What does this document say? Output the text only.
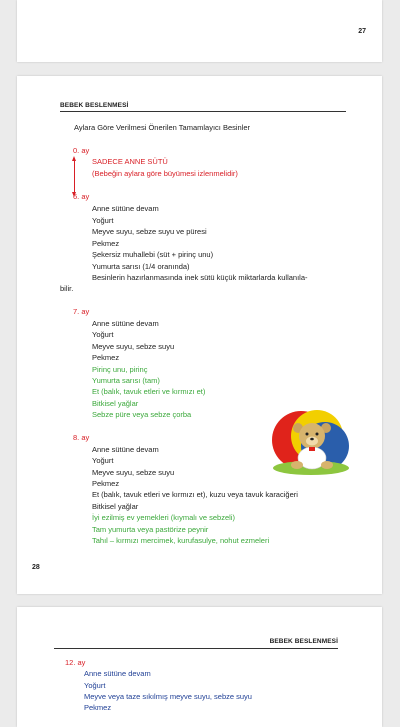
27
BEBEK BESLENMESİ
Aylara Göre Verilmesi Önerilen Tamamlayıcı Besinler
0. ay
SADECE ANNE SÜTÜ
(Bebeğin aylara göre büyümesi izlenmelidir)
6. ay
Anne sütüne devam
Yoğurt
Meyve suyu, sebze suyu ve püresi
Pekmez
Şekersiz muhallebi (süt + pirinç unu)
Yumurta sarısı (1/4 oranında)
Besinlerin hazırlanmasında inek sütü küçük miktarlarda kullanıla-
bilir.
7. ay
Anne sütüne devam
Yoğurt
Meyve suyu, sebze suyu
Pekmez
Pirinç unu, pirinç
Yumurta sarısı (tam)
Et (balık, tavuk etleri ve kırmızı et)
Bitkisel yağlar
Sebze püre veya sebze çorba
8. ay
Anne sütüne devam
Yoğurt
Meyve suyu, sebze suyu
Pekmez
Et (balık, tavuk etleri ve kırmızı et), kuzu veya tavuk karaciğeri
Bitkisel yağlar
İyi ezilmiş ev yemekleri (kıymalı ve sebzeli)
Tam yumurta veya pastörize peynir
Tahıl – kırmızı mercimek, kurufasulye, nohut ezmeleri
28
BEBEK BESLENMESİ
12. ay
Anne sütüne devam
Yoğurt
Meyve veya taze sıkılmış meyve suyu, sebze suyu
Pekmez
